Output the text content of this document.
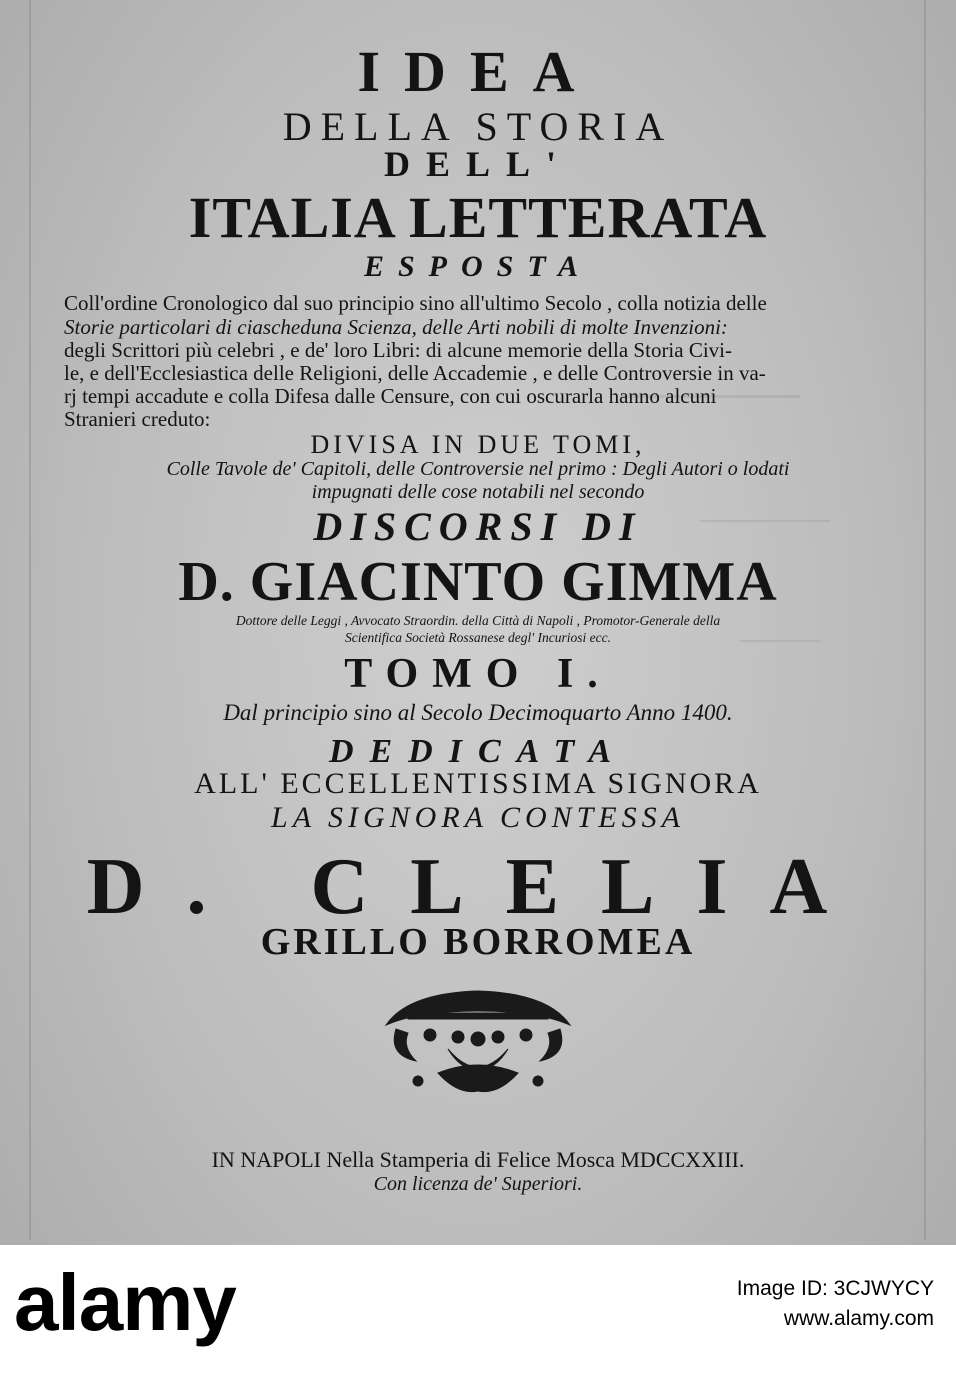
IDEA
DELLA STORIA
DELL'
ITALIA LETTERATA
ESPOSTA
Coll'ordine Cronologico dal suo principio sino all'ultimo Secolo , colla notizia delle
Storie particolari di ciascheduna Scienza, delle Arti nobili di molte Invenzioni:
degli Scrittori più celebri , e de' loro Libri: di alcune memorie della Storia Civi-
le, e dell'Ecclesiastica delle Religioni, delle Accademie , e delle Controversie in va-
rj tempi accadute e colla Difesa dalle Censure, con cui oscurarla hanno alcuni
Stranieri creduto:
DIVISA IN DUE TOMI,
Colle Tavole de' Capitoli, delle Controversie nel primo : Degli Autori o lodati
impugnati delle cose notabili nel secondo
DISCORSI DI
D. GIACINTO GIMMA
Dottore delle Leggi , Avvocato Straordin. della Città di Napoli , Promotor-Generale della
Scientifica Società Rossanese degl' Incuriosi ecc.
TOMO I.
Dal principio sino al Secolo Decimoquarto Anno 1400.
DEDICATA
ALL' ECCELLENTISSIMA SIGNORA
LA SIGNORA CONTESSA
D. CLELIA
GRILLO BORROMEA
IN NAPOLI Nella Stamperia di Felice Mosca MDCCXXIII.
Con licenza de' Superiori.
alamy	Image ID: 3CJWYCY
www.alamy.com
